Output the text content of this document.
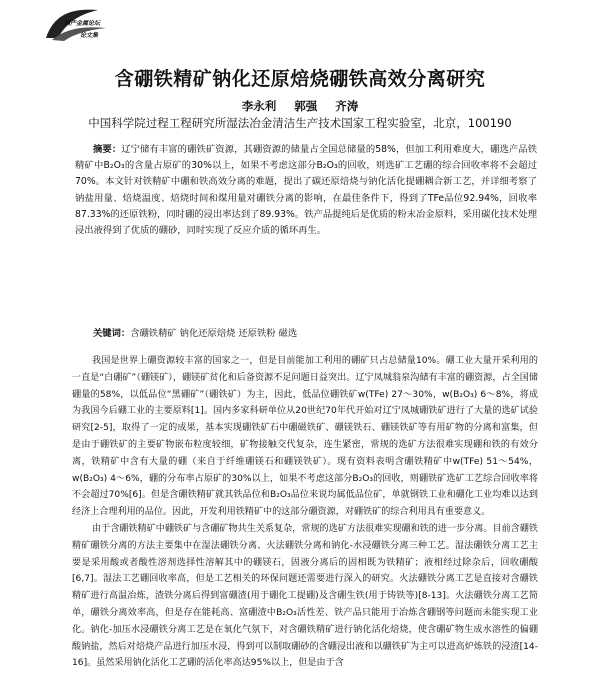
钢产金属论坛
论文集
含硼铁精矿钠化还原焙烧硼铁高效分离研究
李永利 郭强 齐涛
中国科学院过程工程研究所湿法冶金清洁生产技术国家工程实验室，北京，100190
摘要：辽宁储有丰富的硼铁矿资源，其硼资源的储量占全国总储量的58%，但加工利用难度大，硼选产品铁精矿中B₂O₃的含量占原矿的30%以上，如果不考虑这部分B₂O₃的回收，则选矿工艺硼的综合回收率将不会超过70%。本文针对铁精矿中硼和铁高效分离的难题，提出了碳还原焙烧与钠化活化提硼耦合新工艺，并详细考察了钠盐用量、焙烧温度、焙烧时间和煤用量对硼铁分离的影响，在最佳条件下，得到了TFe品位92.94%，回收率87.33%的还原铁粉，同时硼的浸出率达到了89.93%。铁产品提纯后是优质的粉末冶金原料，采用碳化技术处理浸出液得到了优质的硼砂，同时实现了反应介质的循环再生。
关键词：含硼铁精矿 钠化还原焙烧 还原铁粉 磁选

我国是世界上硼资源较丰富的国家之一，但是目前能加工利用的硼矿只占总储量10%。硼工业大量开采利用的一直是“白硼矿”（硼镁矿），硼镁矿贫化和后备资源不足问题日益突出。辽宁凤城翁泉沟储有丰富的硼资源，占全国储硼量的58%，以低品位“黑硼矿”（硼铁矿）为主，因此，低品位硼铁矿w(TFe) 27～30%，w(B₂O₃) 6～8%，将成为我国今后硼工业的主要原料[1]。国内多家科研单位从20世纪70年代开始对辽宁凤城硼铁矿进行了大量的选矿试验研究[2-5]，取得了一定的成果，基本实现硼铁矿石中硼磁铁矿、硼镁铁石、硼镁铁矿等有用矿物的分离和富集，但是由于硼铁矿的主要矿物嵌布粒度较细，矿物接触交代复杂，连生紧密，常规的选矿方法很难实现硼和铁的有效分离，铁精矿中含有大量的硼（来自于纤维硼镁石和硼镁铁矿）。现有资料表明含硼铁精矿中w(TFe) 51～54%，w(B₂O₃) 4～6%，硼的分布率占原矿的30%以上，如果不考虑这部分B₂O₃的回收，则硼铁矿选矿工艺综合回收率将不会超过70%[6]。但是含硼铁精矿就其铁品位和B₂O₃品位来说均属低品位矿，单就钢铁工业和硼化工业均难以达到经济上合理利用的品位。因此，开发利用铁精矿中的这部分硼资源，对硼铁矿的综合利用具有重要意义。

由于含硼铁精矿中硼铁矿与含硼矿物共生关系复杂，常规的选矿方法很难实现硼和铁的进一步分离。目前含硼铁精矿硼铁分离的方法主要集中在湿法硼铁分离、火法硼铁分离和钠化-水浸硼铁分离三种工艺。湿法硼铁分离工艺主要是采用酸或者酸性溶剂选择性溶解其中的硼镁石，固液分离后的固相既为铁精矿；液相经过除杂后，回收硼酸[6,7]。湿法工艺硼回收率高，但是工艺相关的环保问题还需要进行深入的研究。火法硼铁分离工艺是直接对含硼铁精矿进行高温冶炼，渣铁分离后得到富硼渣(用于硼化工提硼)及含硼生铁(用于铸铁等)[8-13]。火法硼铁分离工艺简单，硼铁分离效率高，但是存在能耗高、富硼渣中B₂O₃活性差、铁产品只能用于冶炼含硼钢等问题而未能实现工业化。钠化-加压水浸硼铁分离工艺是在氧化气氛下，对含硼铁精矿进行钠化活化焙烧，使含硼矿物生成水溶性的偏硼酸钠盐，然后对焙烧产品进行加压水浸，得到可以制取硼砂的含硼浸出液和以硼铁矿为主可以进高炉炼铁的浸渣[14-16]。虽然采用钠化活化工艺硼的活化率高达95%以上，但是由于含
